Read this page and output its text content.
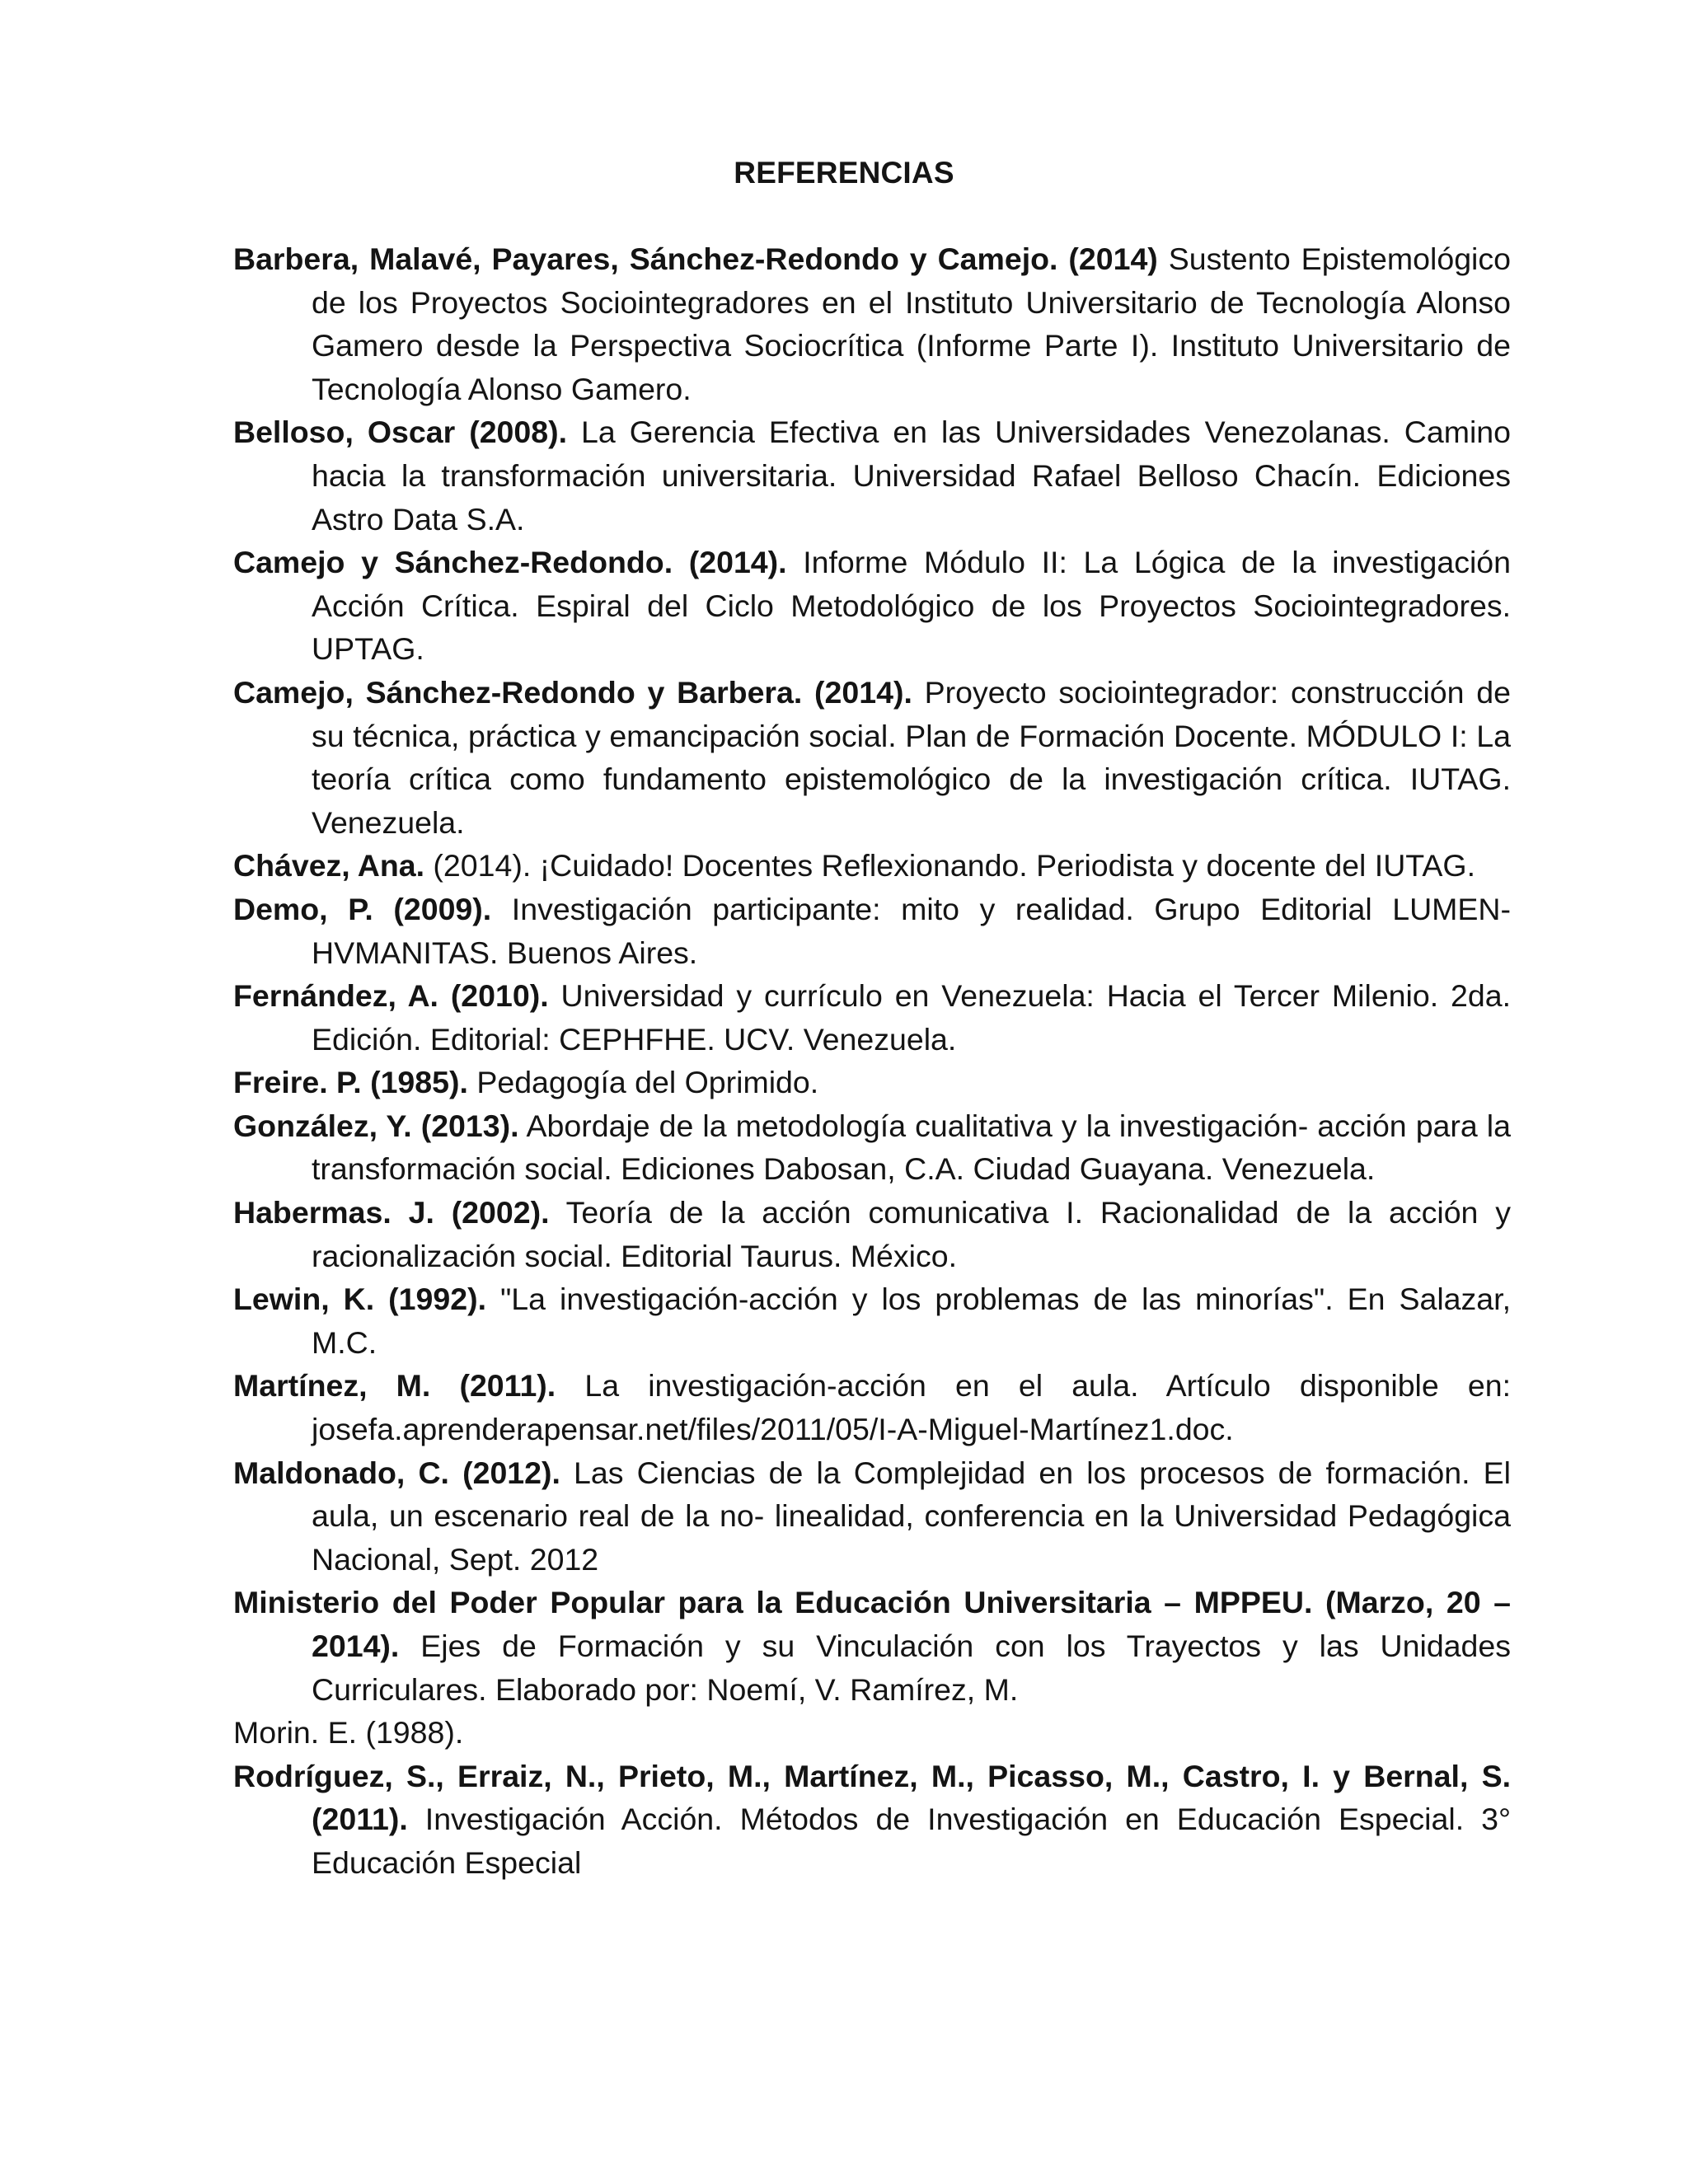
REFERENCIAS
Barbera, Malavé, Payares, Sánchez-Redondo y Camejo. (2014) Sustento Epistemológico de los Proyectos Sociointegradores en el Instituto Universitario de Tecnología Alonso Gamero desde la Perspectiva Sociocrítica (Informe Parte I). Instituto Universitario de Tecnología Alonso Gamero.
Belloso, Oscar (2008). La Gerencia Efectiva en las Universidades Venezolanas. Camino hacia la transformación universitaria. Universidad Rafael Belloso Chacín. Ediciones Astro Data S.A.
Camejo y Sánchez-Redondo. (2014). Informe Módulo II: La Lógica de la investigación Acción Crítica. Espiral del Ciclo Metodológico de los Proyectos Sociointegradores. UPTAG.
Camejo, Sánchez-Redondo y Barbera. (2014). Proyecto sociointegrador: construcción de su técnica, práctica y emancipación social. Plan de Formación Docente. MÓDULO I: La teoría crítica como fundamento epistemológico de la investigación crítica. IUTAG. Venezuela.
Chávez, Ana. (2014). ¡Cuidado! Docentes Reflexionando. Periodista y docente del IUTAG.
Demo, P. (2009). Investigación participante: mito y realidad. Grupo Editorial LUMEN-HVMANITAS. Buenos Aires.
Fernández, A. (2010). Universidad y currículo en Venezuela: Hacia el Tercer Milenio. 2da. Edición. Editorial: CEPHFHE. UCV. Venezuela.
Freire. P. (1985). Pedagogía del Oprimido.
González, Y. (2013). Abordaje de la metodología cualitativa y la investigación- acción para la transformación social. Ediciones Dabosan, C.A. Ciudad Guayana. Venezuela.
Habermas. J. (2002). Teoría de la acción comunicativa I. Racionalidad de la acción y racionalización social. Editorial Taurus. México.
Lewin, K. (1992). "La investigación-acción y los problemas de las minorías". En Salazar, M.C.
Martínez, M. (2011). La investigación-acción en el aula. Artículo disponible en: josefa.aprenderapensar.net/files/2011/05/I-A-Miguel-Martínez1.doc.
Maldonado, C. (2012). Las Ciencias de la Complejidad en los procesos de formación. El aula, un escenario real de la no- linealidad, conferencia en la Universidad Pedagógica Nacional, Sept. 2012
Ministerio del Poder Popular para la Educación Universitaria – MPPEU. (Marzo, 20 – 2014). Ejes de Formación y su Vinculación con los Trayectos y las Unidades Curriculares. Elaborado por: Noemí, V. Ramírez, M.
Morin. E. (1988).
Rodríguez, S., Erraiz, N., Prieto, M., Martínez, M., Picasso, M., Castro, I. y Bernal, S. (2011). Investigación Acción. Métodos de Investigación en Educación Especial. 3° Educación Especial
